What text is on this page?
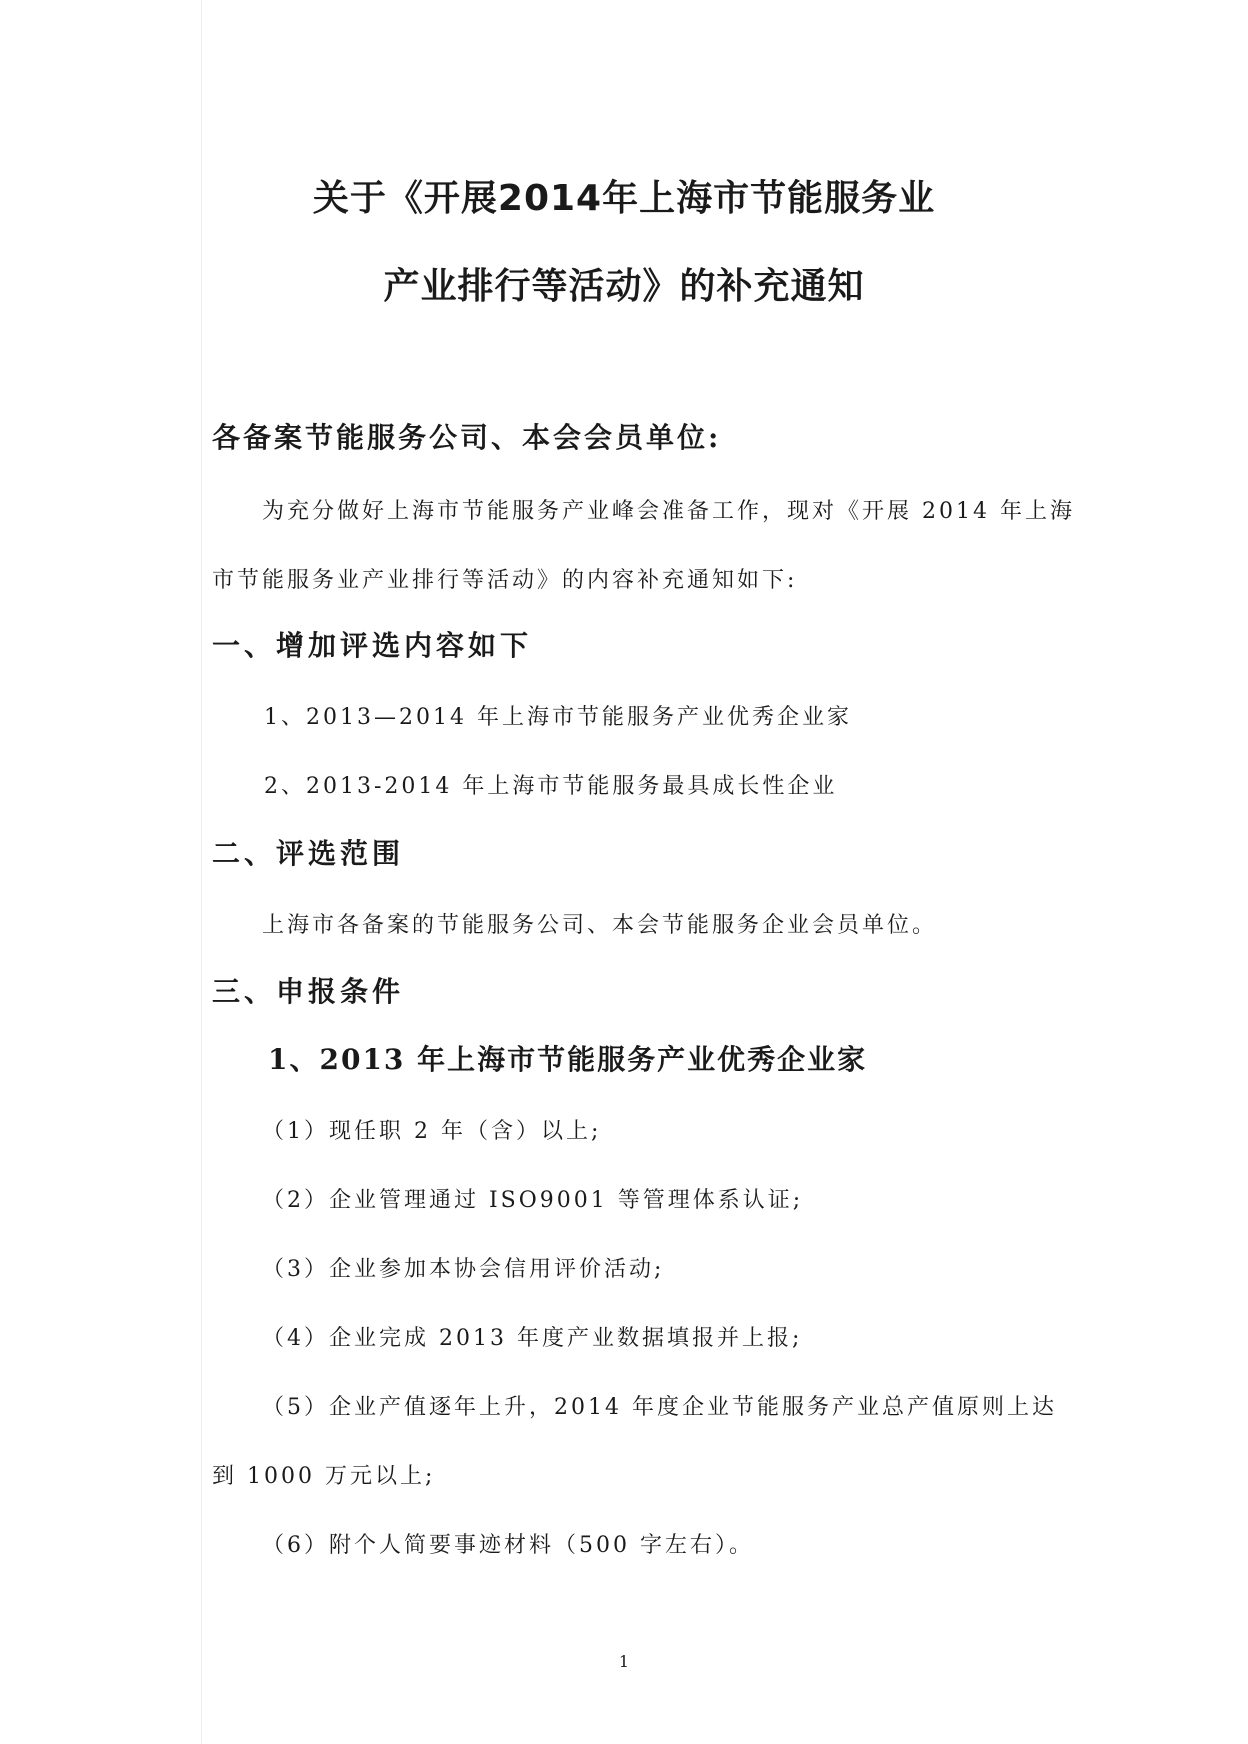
关于《开展2014年上海市节能服务业
产业排行等活动》的补充通知
各备案节能服务公司、本会会员单位:
为充分做好上海市节能服务产业峰会准备工作，现对《开展 2014 年上海
市节能服务业产业排行等活动》的内容补充通知如下:
一、增加评选内容如下
1、2013—2014 年上海市节能服务产业优秀企业家
2、2013-2014 年上海市节能服务最具成长性企业
二、评选范围
上海市各备案的节能服务公司、本会节能服务企业会员单位。
三、申报条件
1、2013 年上海市节能服务产业优秀企业家
（1）现任职 2 年（含）以上;
（2）企业管理通过 ISO9001 等管理体系认证;
（3）企业参加本协会信用评价活动;
（4）企业完成 2013 年度产业数据填报并上报;
（5）企业产值逐年上升，2014 年度企业节能服务产业总产值原则上达
到 1000 万元以上;
（6）附个人简要事迹材料（500 字左右）。
1
